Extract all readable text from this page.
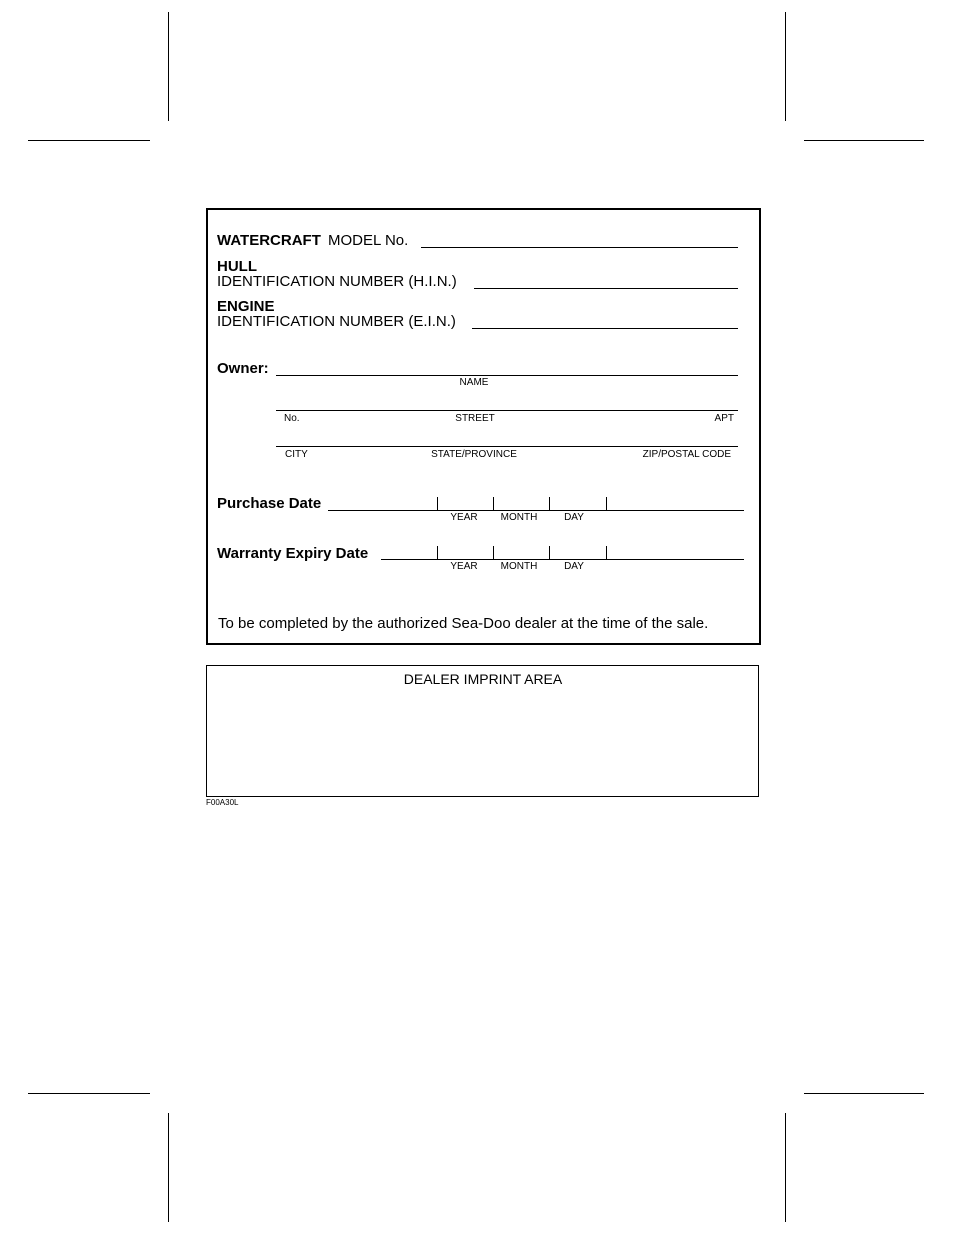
WATERCRAFT MODEL No.
HULL
IDENTIFICATION NUMBER (H.I.N.)
ENGINE
IDENTIFICATION NUMBER (E.I.N.)
Owner:
NAME
No.	STREET	APT
CITY	STATE/PROVINCE	ZIP/POSTAL CODE
Purchase Date
YEAR MONTH	DAY
Warranty Expiry Date
YEAR MONTH	DAY
To be completed by the authorized Sea-Doo dealer at the time of the sale.
DEALER IMPRINT AREA
F00A30L
